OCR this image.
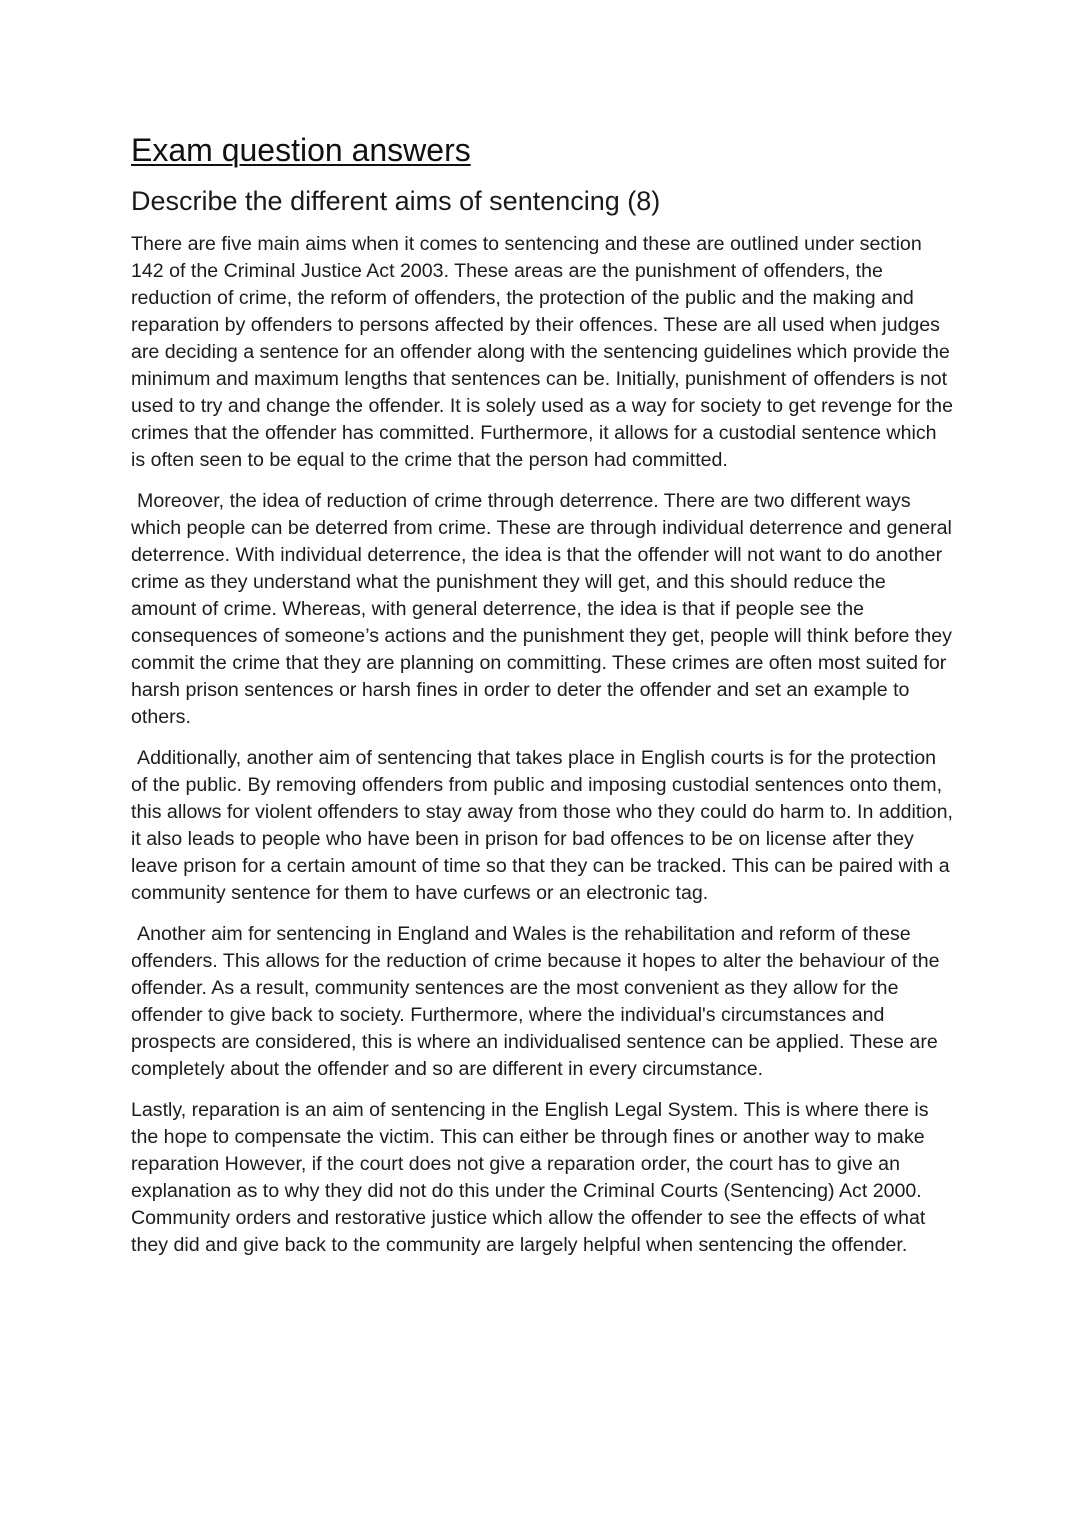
Exam question answers
Describe the different aims of sentencing (8)

There are five main aims when it comes to sentencing and these are outlined under section 142 of the Criminal Justice Act 2003. These areas are the punishment of offenders, the reduction of crime, the reform of offenders, the protection of the public and the making and reparation by offenders to persons affected by their offences. These are all used when judges are deciding a sentence for an offender along with the sentencing guidelines which provide the minimum and maximum lengths that sentences can be. Initially, punishment of offenders is not used to try and change the offender. It is solely used as a way for society to get revenge for the crimes that the offender has committed. Furthermore, it allows for a custodial sentence which is often seen to be equal to the crime that the person had committed.

Moreover, the idea of reduction of crime through deterrence. There are two different ways which people can be deterred from crime. These are through individual deterrence and general deterrence. With individual deterrence, the idea is that the offender will not want to do another crime as they understand what the punishment they will get, and this should reduce the amount of crime. Whereas, with general deterrence, the idea is that if people see the consequences of someone’s actions and the punishment they get, people will think before they commit the crime that they are planning on committing. These crimes are often most suited for harsh prison sentences or harsh fines in order to deter the offender and set an example to others.

Additionally, another aim of sentencing that takes place in English courts is for the protection of the public. By removing offenders from public and imposing custodial sentences onto them, this allows for violent offenders to stay away from those who they could do harm to. In addition, it also leads to people who have been in prison for bad offences to be on license after they leave prison for a certain amount of time so that they can be tracked. This can be paired with a community sentence for them to have curfews or an electronic tag.

Another aim for sentencing in England and Wales is the rehabilitation and reform of these offenders. This allows for the reduction of crime because it hopes to alter the behaviour of the offender. As a result, community sentences are the most convenient as they allow for the offender to give back to society. Furthermore, where the individual's circumstances and prospects are considered, this is where an individualised sentence can be applied. These are completely about the offender and so are different in every circumstance.

Lastly, reparation is an aim of sentencing in the English Legal System. This is where there is the hope to compensate the victim. This can either be through fines or another way to make reparation However, if the court does not give a reparation order, the court has to give an explanation as to why they did not do this under the Criminal Courts (Sentencing) Act 2000. Community orders and restorative justice which allow the offender to see the effects of what they did and give back to the community are largely helpful when sentencing the offender.
